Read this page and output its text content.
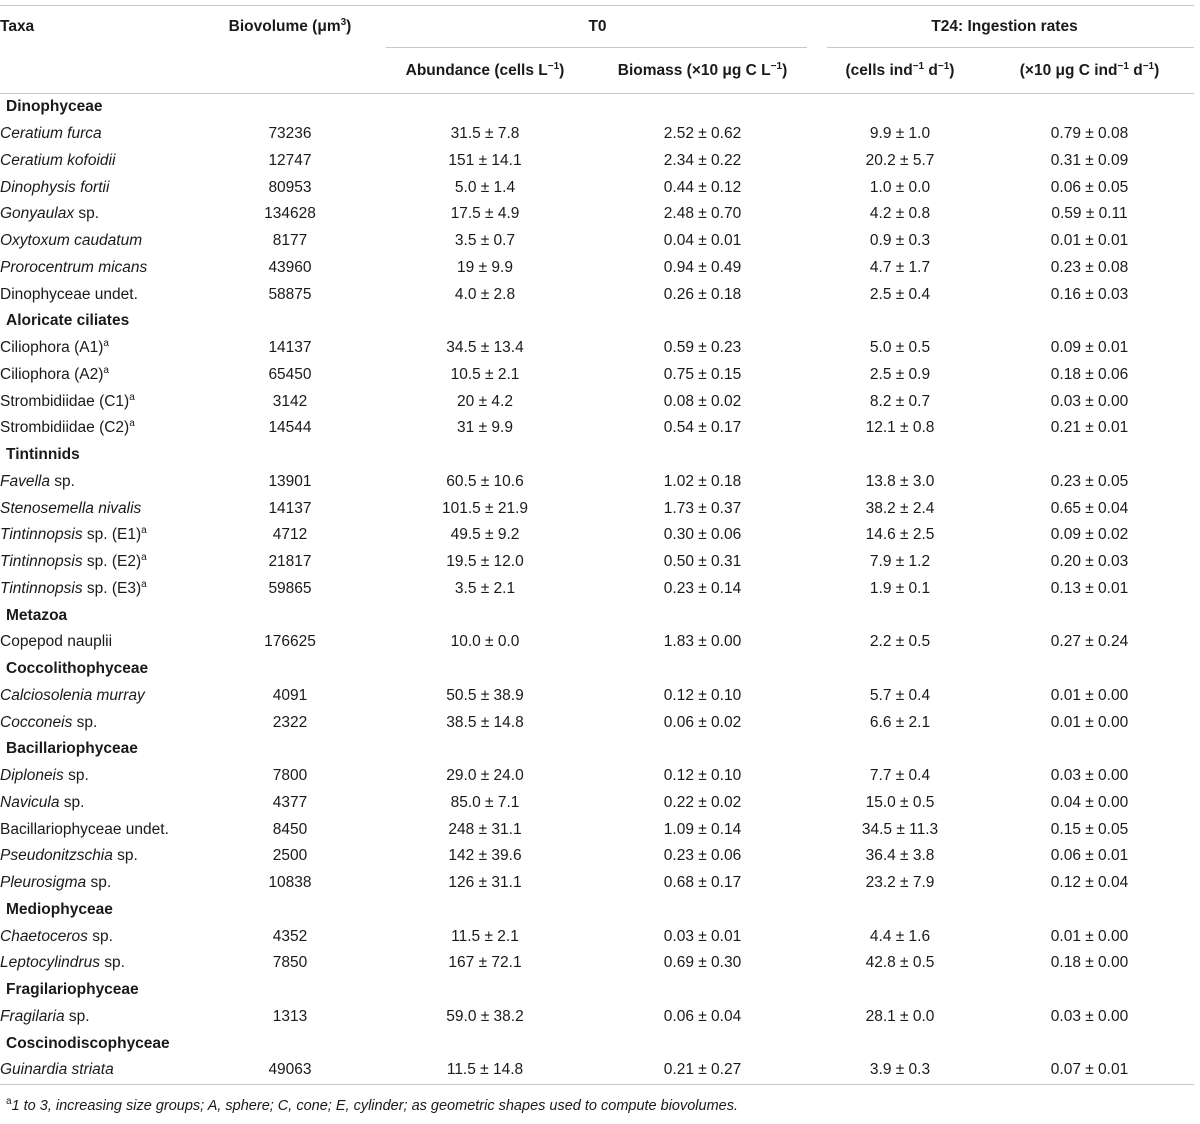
Taxa	Biovolume $(\mu m^3)$	T0		T24: Ingestion rates	

		Abundance (cells $L^{-1}$)	Biomass (×10 μg C $L^{-1}$)	(cells ind$^{-1}$ $d^{-1}$)	(×10 μg C ind$^{-1}$ $d^{-1}$)
Dinophyceae					
Ceratium furca	73236	31.5 ± 7.8	2.52 ± 0.62	9.9 ± 1.0	0.79 ± 0.08
Ceratium kofoidii	12747	151 ± 14.1	2.34 ± 0.22	20.2 ± 5.7	0.31 ± 0.09
Dinophysis fortii	80953	5.0 ± 1.4	0.44 ± 0.12	1.0 ± 0.0	0.06 ± 0.05
Gonyaulax sp.	134628	17.5 ± 4.9	2.48 ± 0.70	4.2 ± 0.8	0.59 ± 0.11
Oxytoxum caudatum	8177	3.5 ± 0.7	0.04 ± 0.01	0.9 ± 0.3	0.01 ± 0.01
Prorocentrum micans	43960	19 ± 9.9	0.94 ± 0.49	4.7 ± 1.7	0.23 ± 0.08
Dinophyceae undet.	58875	4.0 ± 2.8	0.26 ± 0.18	2.5 ± 0.4	0.16 ± 0.03
Aloricate ciliates					
Ciliophora $(A1)^a$	14137	34.5 ± 13.4	0.59 ± 0.23	5.0 ± 0.5	0.09 ± 0.01
Ciliophora $(A2)^a$	65450	10.5 ± 2.1	0.75 ± 0.15	2.5 ± 0.9	0.18 ± 0.06
Strombidiidae $(C1)^a$	3142	20 ± 4.2	0.08 ± 0.02	8.2 ± 0.7	0.03 ± 0.00
Strombidiidae $(C2)^a$	14544	31 ± 9.9	0.54 ± 0.17	12.1 ± 0.8	0.21 ± 0.01
Tintinnids					
Favella sp.	13901	60.5 ± 10.6	1.02 ± 0.18	13.8 ± 3.0	0.23 ± 0.05
Stenosemella nivalis	14137	101.5 ± 21.9	1.73 ± 0.37	38.2 ± 2.4	0.65 ± 0.04
Tintinnopsis sp. $(E1)^a$	4712	49.5 ± 9.2	0.30 ± 0.06	14.6 ± 2.5	0.09 ± 0.02
Tintinnopsis sp. $(E2)^a$	21817	19.5 ± 12.0	0.50 ± 0.31	7.9 ± 1.2	0.20 ± 0.03
Tintinnopsis sp. $(E3)^a$	59865	3.5 ± 2.1	0.23 ± 0.14	1.9 ± 0.1	0.13 ± 0.01
Metazoa					
Copepod nauplii	176625	10.0 ± 0.0	1.83 ± 0.00	2.2 ± 0.5	0.27 ± 0.24
Coccolithophyceae					
Calciosolenia murray	4091	50.5 ± 38.9	0.12 ± 0.10	5.7 ± 0.4	0.01 ± 0.00
Cocconeis sp.	2322	38.5 ± 14.8	0.06 ± 0.02	6.6 ± 2.1	0.01 ± 0.00
Bacillariophyceae					
Diploneis sp.	7800	29.0 ± 24.0	0.12 ± 0.10	7.7 ± 0.4	0.03 ± 0.00
Navicula sp.	4377	85.0 ± 7.1	0.22 ± 0.02	15.0 ± 0.5	0.04 ± 0.00
Bacillariophyceae undet.	8450	248 ± 31.1	1.09 ± 0.14	34.5 ± 11.3	0.15 ± 0.05
Pseudonitzschia sp.	2500	142 ± 39.6	0.23 ± 0.06	36.4 ± 3.8	0.06 ± 0.01
Pleurosigma sp.	10838	126 ± 31.1	0.68 ± 0.17	23.2 ± 7.9	0.12 ± 0.04
Mediophyceae					
Chaetoceros sp.	4352	11.5 ± 2.1	0.03 ± 0.01	4.4 ± 1.6	0.01 ± 0.00
Leptocylindrus sp.	7850	167 ± 72.1	0.69 ± 0.30	42.8 ± 0.5	0.18 ± 0.00
Fragilariophyceae					
Fragilaria sp.	1313	59.0 ± 38.2	0.06 ± 0.04	28.1 ± 0.0	0.03 ± 0.00
Coscinodiscophyceae					
Guinardia striata	49063	11.5 ± 14.8	0.21 ± 0.27	3.9 ± 0.3	0.07 ± 0.01
$^a$1 to 3, increasing size groups; A, sphere; C, cone; E, cylinder; as geometric shapes used to compute biovolumes.
